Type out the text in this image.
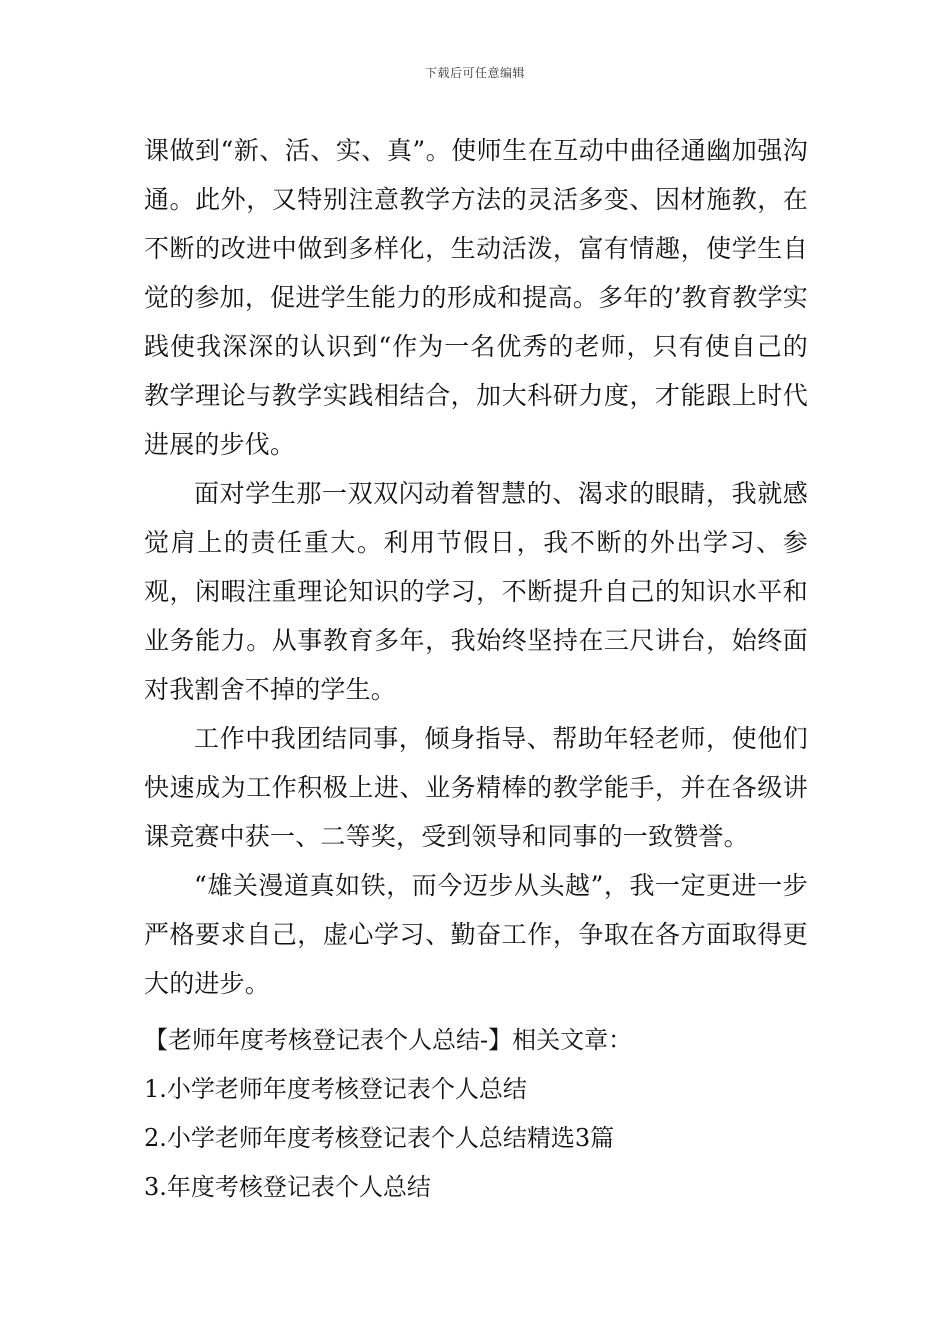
下载后可任意编辑

课做到“新、活、实、真”。使师生在互动中曲径通幽加强沟通。此外，又特别注意教学方法的灵活多变、因材施教，在不断的改进中做到多样化，生动活泼，富有情趣，使学生自觉的参加，促进学生能力的形成和提高。多年的’教育教学实践使我深深的认识到“作为一名优秀的老师，只有使自己的教学理论与教学实践相结合，加大科研力度，才能跟上时代进展的步伐。

面对学生那一双双闪动着智慧的、渴求的眼睛，我就感觉肩上的责任重大。利用节假日，我不断的外出学习、参观，闲暇注重理论知识的学习，不断提升自己的知识水平和业务能力。从事教育多年，我始终坚持在三尺讲台，始终面对我割舍不掉的学生。

工作中我团结同事，倾身指导、帮助年轻老师，使他们快速成为工作积极上进、业务精棒的教学能手，并在各级讲课竞赛中获一、二等奖，受到领导和同事的一致赞誉。

“雄关漫道真如铁，而今迈步从头越”，我一定更进一步严格要求自己，虚心学习、勤奋工作，争取在各方面取得更大的进步。

【老师年度考核登记表个人总结-】相关文章：
1.小学老师年度考核登记表个人总结
2.小学老师年度考核登记表个人总结精选3篇
3.年度考核登记表个人总结
